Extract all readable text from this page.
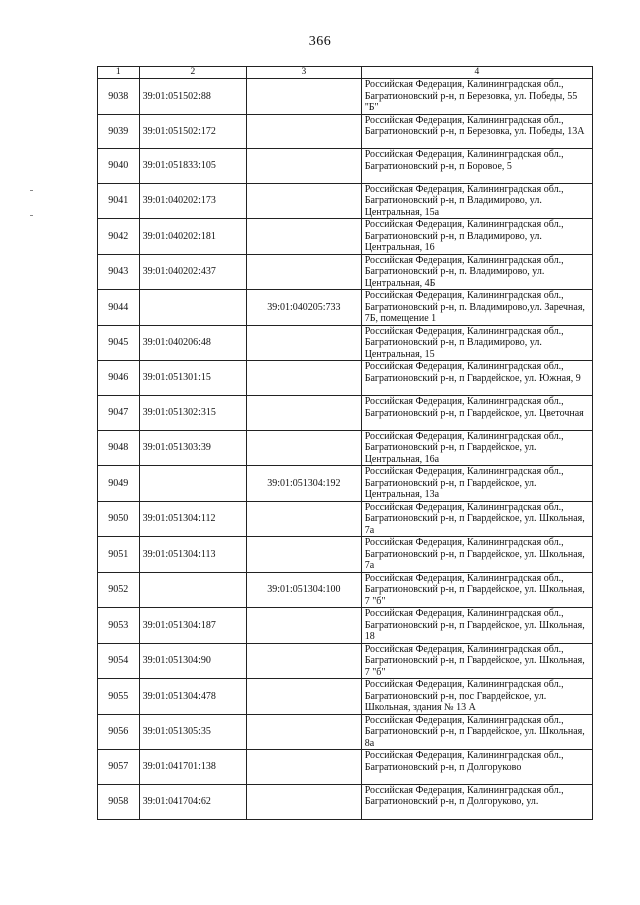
366
1	2	3	4
9038	39:01:051502:88		Российская Федерация, Калининградская обл., Багратионовский р-н, п Березовка, ул. Победы, 55 "Б"
9039	39:01:051502:172		Российская Федерация, Калининградская обл., Багратионовский р-н, п Березовка, ул. Победы, 13А
9040	39:01:051833:105		Российская Федерация, Калининградская обл., Багратионовский р-н, п Боровое, 5
9041	39:01:040202:173		Российская Федерация, Калининградская обл., Багратионовский р-н, п Владимирово, ул. Центральная, 15а
9042	39:01:040202:181		Российская Федерация, Калининградская обл., Багратионовский р-н, п Владимирово, ул. Центральная, 16
9043	39:01:040202:437		Российская Федерация, Калининградская обл., Багратионовский р-н, п. Владимирово, ул. Центральная, 4Б
9044		39:01:040205:733	Российская Федерация, Калининградская обл., Багратионовский р-н, п. Владимирово,ул. Заречная, 7Б, помещение 1
9045	39:01:040206:48		Российская Федерация, Калининградская обл., Багратионовский р-н, п Владимирово, ул. Центральная, 15
9046	39:01:051301:15		Российская Федерация, Калининградская обл., Багратионовский р-н, п Гвардейское, ул. Южная, 9
9047	39:01:051302:315		Российская Федерация, Калининградская обл., Багратионовский р-н, п Гвардейское, ул. Цветочная
9048	39:01:051303:39		Российская Федерация, Калининградская обл., Багратионовский р-н, п Гвардейское, ул. Центральная, 16а
9049		39:01:051304:192	Российская Федерация, Калининградская обл., Багратионовский р-н, п Гвардейское, ул. Центральная, 13а
9050	39:01:051304:112		Российская Федерация, Калининградская обл., Багратионовский р-н, п Гвардейское, ул. Школьная, 7а
9051	39:01:051304:113		Российская Федерация, Калининградская обл., Багратионовский р-н, п Гвардейское, ул. Школьная, 7а
9052		39:01:051304:100	Российская Федерация, Калининградская обл., Багратионовский р-н, п Гвардейское, ул. Школьная, 7 "б"
9053	39:01:051304:187		Российская Федерация, Калининградская обл., Багратионовский р-н, п Гвардейское, ул. Школьная, 18
9054	39:01:051304:90		Российская Федерация, Калининградская обл., Багратионовский р-н, п Гвардейское, ул. Школьная, 7 "б"
9055	39:01:051304:478		Российская Федерация, Калининградская обл., Багратионовский р-н, пос Гвардейское, ул. Школьная, здания № 13 А
9056	39:01:051305:35		Российская Федерация, Калининградская обл., Багратионовский р-н, п Гвардейское, ул. Школьная, 8а
9057	39:01:041701:138		Российская Федерация, Калининградская обл., Багратионовский р-н, п Долгоруково
9058	39:01:041704:62		Российская Федерация, Калининградская обл., Багратионовский р-н, п Долгоруково, ул.
